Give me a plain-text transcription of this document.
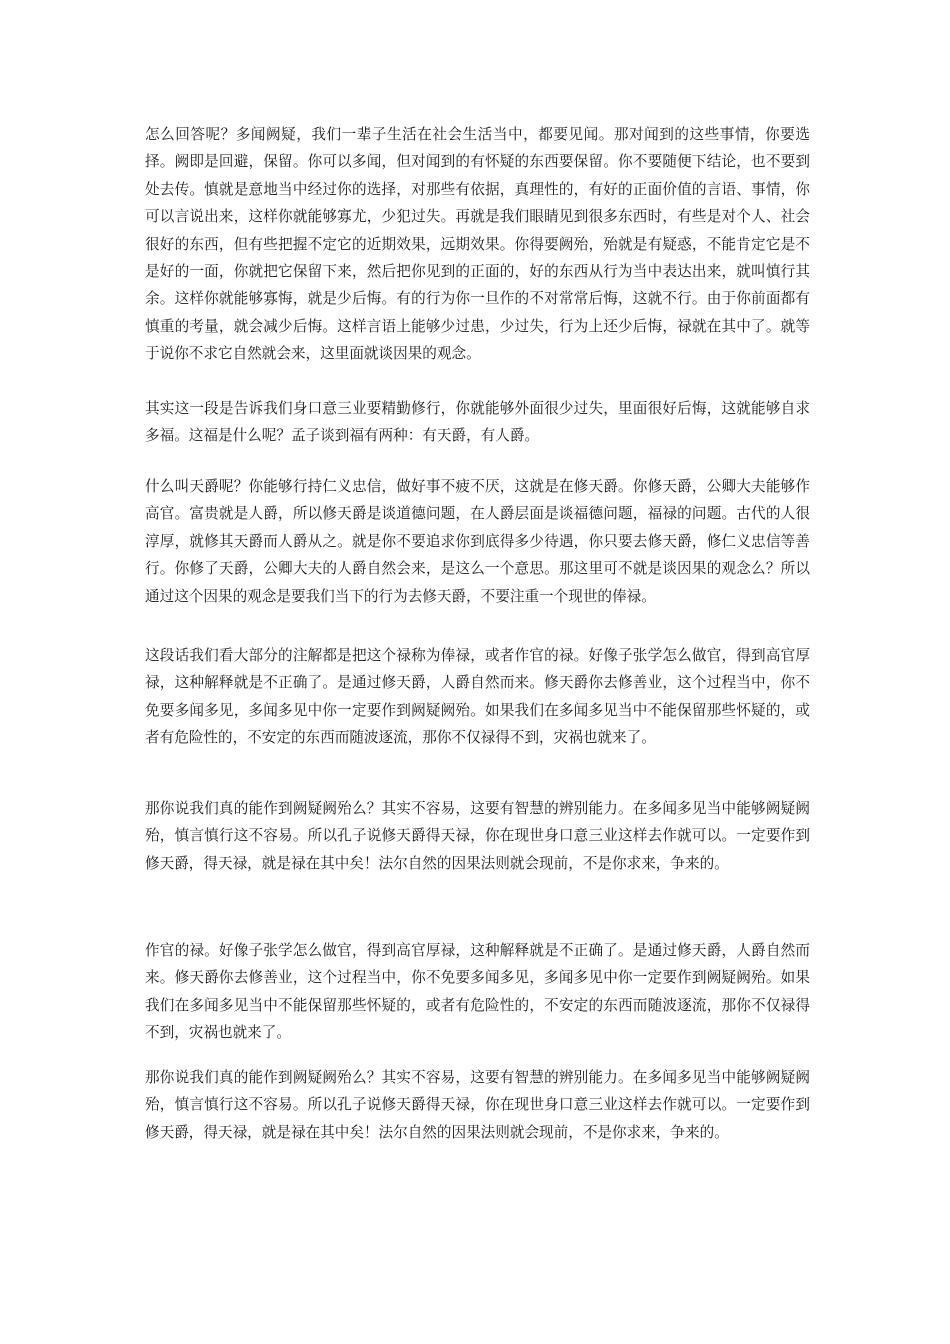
怎么回答呢？多闻阙疑，我们一辈子生活在社会生活当中，都要见闻。那对闻到的这些事情，你要选择。阙即是回避，保留。你可以多闻，但对闻到的有怀疑的东西要保留。你不要随便下结论，也不要到处去传。慎就是意地当中经过你的选择，对那些有依据，真理性的，有好的正面价值的言语、事情，你可以言说出来，这样你就能够寡尤，少犯过失。再就是我们眼睛见到很多东西时，有些是对个人、社会很好的东西，但有些把握不定它的近期效果，远期效果。你得要阙殆，殆就是有疑惑，不能肯定它是不是好的一面，你就把它保留下来，然后把你见到的正面的，好的东西从行为当中表达出来，就叫慎行其余。这样你就能够寡悔，就是少后悔。有的行为你一旦作的不对常常后悔，这就不行。由于你前面都有慎重的考量，就会减少后悔。这样言语上能够少过患，少过失，行为上还少后悔，禄就在其中了。就等于说你不求它自然就会来，这里面就谈因果的观念。

其实这一段是告诉我们身口意三业要精勤修行，你就能够外面很少过失，里面很好后悔，这就能够自求多福。这福是什么呢？孟子谈到福有两种：有天爵，有人爵。

什么叫天爵呢？你能够行持仁义忠信，做好事不疲不厌，这就是在修天爵。你修天爵，公卿大夫能够作高官。富贵就是人爵，所以修天爵是谈道德问题，在人爵层面是谈福德问题，福禄的问题。古代的人很淳厚，就修其天爵而人爵从之。就是你不要追求你到底得多少待遇，你只要去修天爵，修仁义忠信等善行。你修了天爵，公卿大夫的人爵自然会来，是这么一个意思。那这里可不就是谈因果的观念么？所以通过这个因果的观念是要我们当下的行为去修天爵，不要注重一个现世的俸禄。

这段话我们看大部分的注解都是把这个禄称为俸禄，或者作官的禄。好像子张学怎么做官，得到高官厚禄，这种解释就是不正确了。是通过修天爵，人爵自然而来。修天爵你去修善业，这个过程当中，你不免要多闻多见，多闻多见中你一定要作到阙疑阙殆。如果我们在多闻多见当中不能保留那些怀疑的，或者有危险性的，不安定的东西而随波逐流，那你不仅禄得不到，灾祸也就来了。

那你说我们真的能作到阙疑阙殆么？其实不容易，这要有智慧的辨别能力。在多闻多见当中能够阙疑阙殆，慎言慎行这不容易。所以孔子说修天爵得天禄，你在现世身口意三业这样去作就可以。一定要作到修天爵，得天禄，就是禄在其中矣！法尔自然的因果法则就会现前，不是你求来，争来的。

作官的禄。好像子张学怎么做官，得到高官厚禄，这种解释就是不正确了。是通过修天爵，人爵自然而来。修天爵你去修善业，这个过程当中，你不免要多闻多见，多闻多见中你一定要作到阙疑阙殆。如果我们在多闻多见当中不能保留那些怀疑的，或者有危险性的，不安定的东西而随波逐流，那你不仅禄得不到，灾祸也就来了。

那你说我们真的能作到阙疑阙殆么？其实不容易，这要有智慧的辨别能力。在多闻多见当中能够阙疑阙殆，慎言慎行这不容易。所以孔子说修天爵得天禄，你在现世身口意三业这样去作就可以。一定要作到修天爵，得天禄，就是禄在其中矣！法尔自然的因果法则就会现前，不是你求来，争来的。
